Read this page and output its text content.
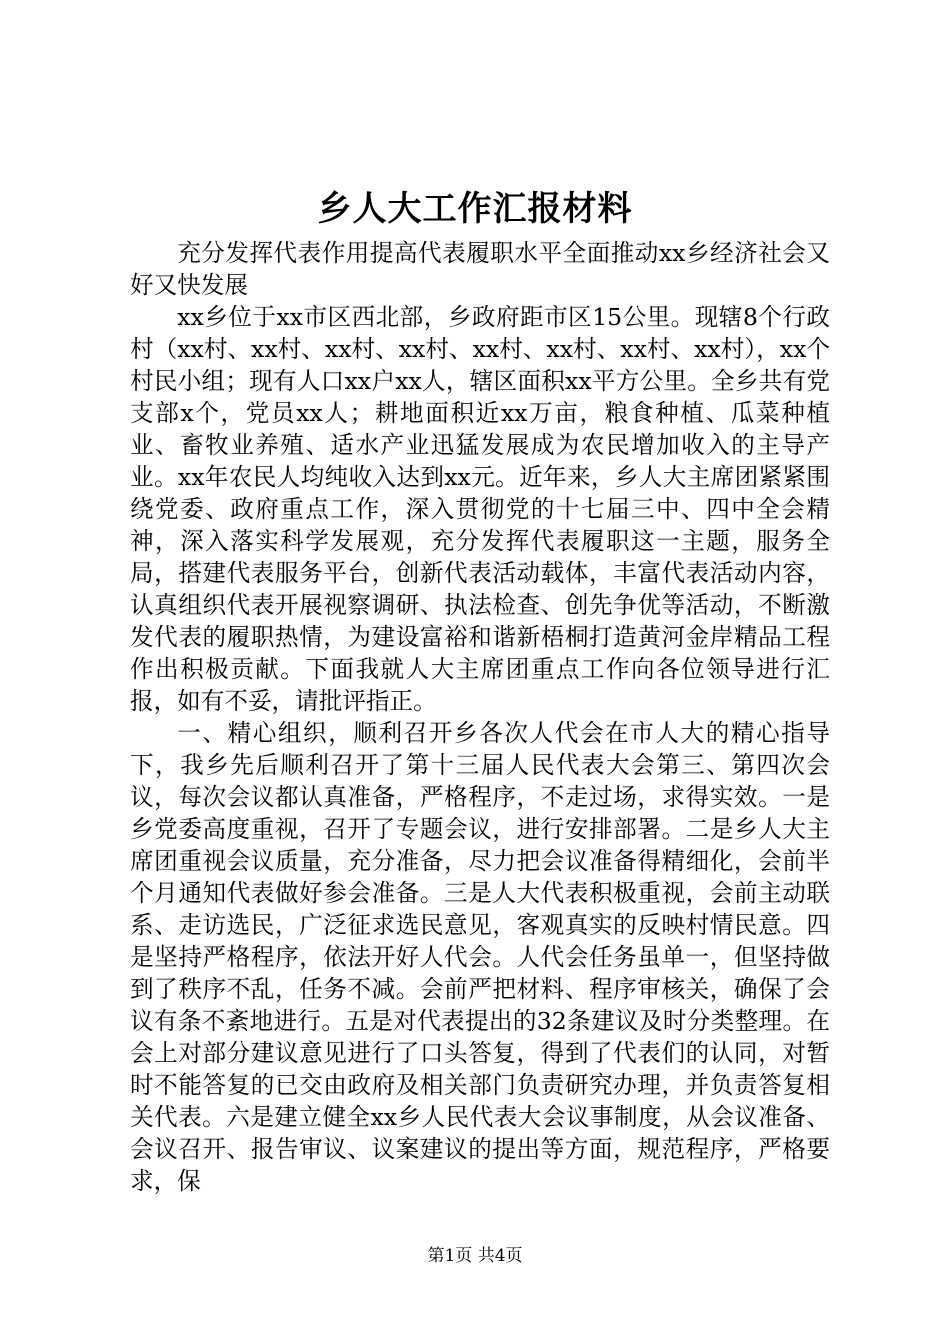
乡人大工作汇报材料

充分发挥代表作用提高代表履职水平全面推动xx乡经济社会又好又快发展

xx乡位于xx市区西北部，乡政府距市区15公里。现辖8个行政村（xx村、xx村、xx村、xx村、xx村、xx村、xx村、xx村），xx个村民小组；现有人口xx户xx人，辖区面积xx平方公里。全乡共有党支部x个，党员xx人；耕地面积近xx万亩，粮食种植、瓜菜种植业、畜牧业养殖、适水产业迅猛发展成为农民增加收入的主导产业。xx年农民人均纯收入达到xx元。近年来，乡人大主席团紧紧围绕党委、政府重点工作，深入贯彻党的十七届三中、四中全会精神，深入落实科学发展观，充分发挥代表履职这一主题，服务全局，搭建代表服务平台，创新代表活动载体，丰富代表活动内容，认真组织代表开展视察调研、执法检查、创先争优等活动，不断激发代表的履职热情，为建设富裕和谐新梧桐打造黄河金岸精品工程作出积极贡献。下面我就人大主席团重点工作向各位领导进行汇报，如有不妥，请批评指正。

一、精心组织，顺利召开乡各次人代会在市人大的精心指导下，我乡先后顺利召开了第十三届人民代表大会第三、第四次会议，每次会议都认真准备，严格程序，不走过场，求得实效。一是乡党委高度重视，召开了专题会议，进行安排部署。二是乡人大主席团重视会议质量，充分准备，尽力把会议准备得精细化，会前半个月通知代表做好参会准备。三是人大代表积极重视，会前主动联系、走访选民，广泛征求选民意见，客观真实的反映村情民意。四是坚持严格程序，依法开好人代会。人代会任务虽单一，但坚持做到了秩序不乱，任务不减。会前严把材料、程序审核关，确保了会议有条不紊地进行。五是对代表提出的32条建议及时分类整理。在会上对部分建议意见进行了口头答复，得到了代表们的认同，对暂时不能答复的已交由政府及相关部门负责研究办理，并负责答复相关代表。六是建立健全xx乡人民代表大会议事制度，从会议准备、会议召开、报告审议、议案建议的提出等方面，规范程序，严格要求，保

第1页 共4页
